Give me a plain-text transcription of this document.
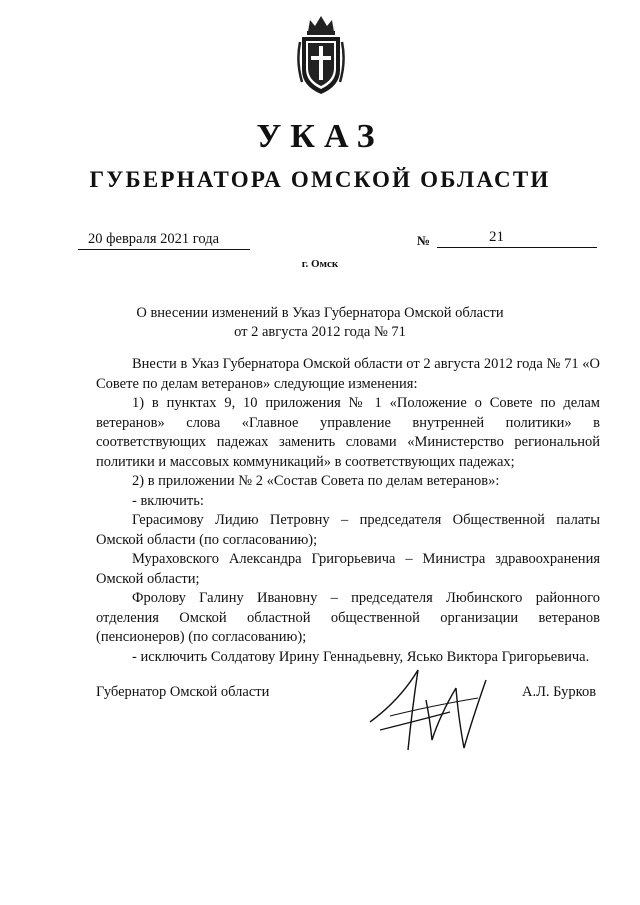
УКАЗ
ГУБЕРНАТОРА ОМСКОЙ ОБЛАСТИ
20 февраля 2021 года	№	21
г. Омск
О внесении изменений в Указ Губернатора Омской области
от 2 августа 2012 года № 71

Внести в Указ Губернатора Омской области от 2 августа 2012 года № 71 «О Совете по делам ветеранов» следующие изменения:

1) в пунктах 9, 10 приложения № 1 «Положение о Совете по делам ветеранов» слова «Главное управление внутренней политики» в соответствующих падежах заменить словами «Министерство региональной политики и массовых коммуникаций» в соответствующих падежах;

2) в приложении № 2 «Состав Совета по делам ветеранов»:

- включить:

Герасимову Лидию Петровну – председателя Общественной палаты Омской области (по согласованию);

Мураховского Александра Григорьевича – Министра здравоохранения Омской области;

Фролову Галину Ивановну – председателя Любинского районного отделения Омской областной общественной организации ветеранов (пенсионеров) (по согласованию);

- исключить Солдатову Ирину Геннадьевну, Ясько Виктора Григорьевича.

Губернатор Омской области	А.Л. Бурков
